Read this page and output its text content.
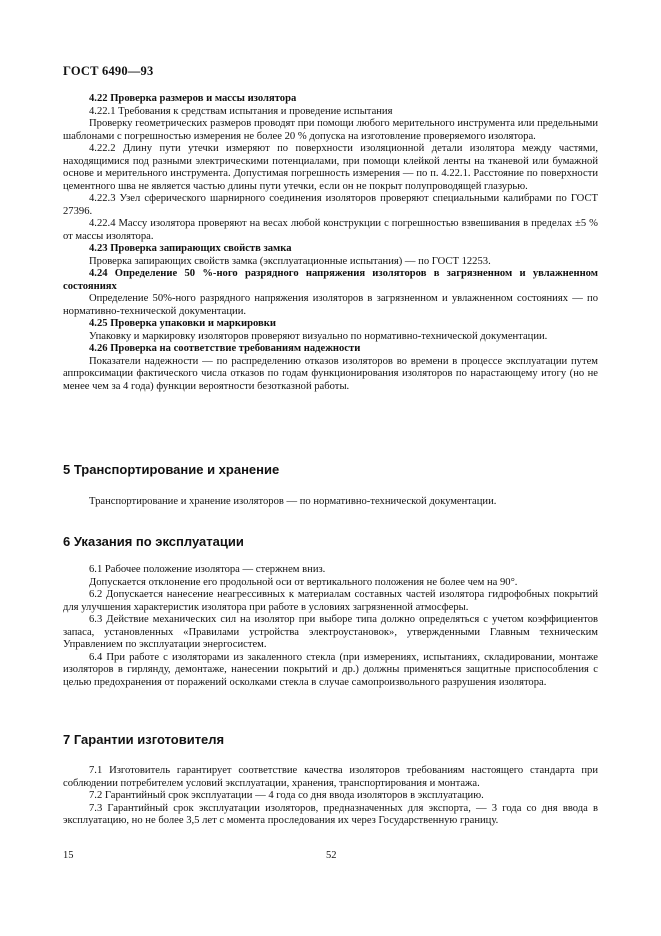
ГОСТ 6490—93

4.22 Проверка размеров и массы изолятора

4.22.1 Требования к средствам испытания и проведение испытания

Проверку геометрических размеров проводят при помощи любого мерительного инструмента или предельными шаблонами с погрешностью измерения не более 20 % допуска на изготовление проверяемого изолятора.

4.22.2 Длину пути утечки измеряют по поверхности изоляционной детали изолятора между частями, находящимися под разными электрическими потенциалами, при помощи клейкой ленты на тканевой или бумажной основе и мерительного инструмента. Допустимая погрешность измерения — по п. 4.22.1. Расстояние по поверхности цементного шва не является частью длины пути утечки, если он не покрыт полупроводящей глазурью.

4.22.3 Узел сферического шарнирного соединения изоляторов проверяют специальными калибрами по ГОСТ 27396.

4.22.4 Массу изолятора проверяют на весах любой конструкции с погрешностью взвешивания в пределах ±5 % от массы изолятора.

4.23 Проверка запирающих свойств замка

Проверка запирающих свойств замка (эксплуатационные испытания) — по ГОСТ 12253.

4.24 Определение 50 %-ного разрядного напряжения изоляторов в загрязненном и увлажненном состояниях

Определение 50%-ного разрядного напряжения изоляторов в загрязненном и увлажненном состояниях — по нормативно-технической документации.

4.25 Проверка упаковки и маркировки

Упаковку и маркировку изоляторов проверяют визуально по нормативно-технической документации.

4.26 Проверка на соответствие требованиям надежности

Показатели надежности — по распределению отказов изоляторов во времени в процессе эксплуатации путем аппроксимации фактического числа отказов по годам функционирования изоляторов по нарастающему итогу (но не менее чем за 4 года) функции вероятности безотказной работы.

5 Транспортирование и хранение

Транспортирование и хранение изоляторов — по нормативно-технической документации.

6 Указания по эксплуатации

6.1 Рабочее положение изолятора — стержнем вниз.

Допускается отклонение его продольной оси от вертикального положения не более чем на 90°.

6.2 Допускается нанесение неагрессивных к материалам составных частей изолятора гидрофобных покрытий для улучшения характеристик изолятора при работе в условиях загрязненной атмосферы.

6.3 Действие механических сил на изолятор при выборе типа должно определяться с учетом коэффициентов запаса, установленных «Правилами устройства электроустановок», утвержденными Главным техническим Управлением по эксплуатации энергосистем.

6.4 При работе с изоляторами из закаленного стекла (при измерениях, испытаниях, складировании, монтаже изоляторов в гирлянду, демонтаже, нанесении покрытий и др.) должны применяться защитные приспособления с целью предохранения от поражений осколками стекла в случае самопроизвольного разрушения изолятора.

7 Гарантии изготовителя

7.1 Изготовитель гарантирует соответствие качества изоляторов требованиям настоящего стандарта при соблюдении потребителем условий эксплуатации, хранения, транспортирования и монтажа.

7.2 Гарантийный срок эксплуатации — 4 года со дня ввода изоляторов в эксплуатацию.

7.3 Гарантийный срок эксплуатации изоляторов, предназначенных для экспорта, — 3 года со дня ввода в эксплуатацию, но не более 3,5 лет с момента проследования их через Государственную границу.

15	52
